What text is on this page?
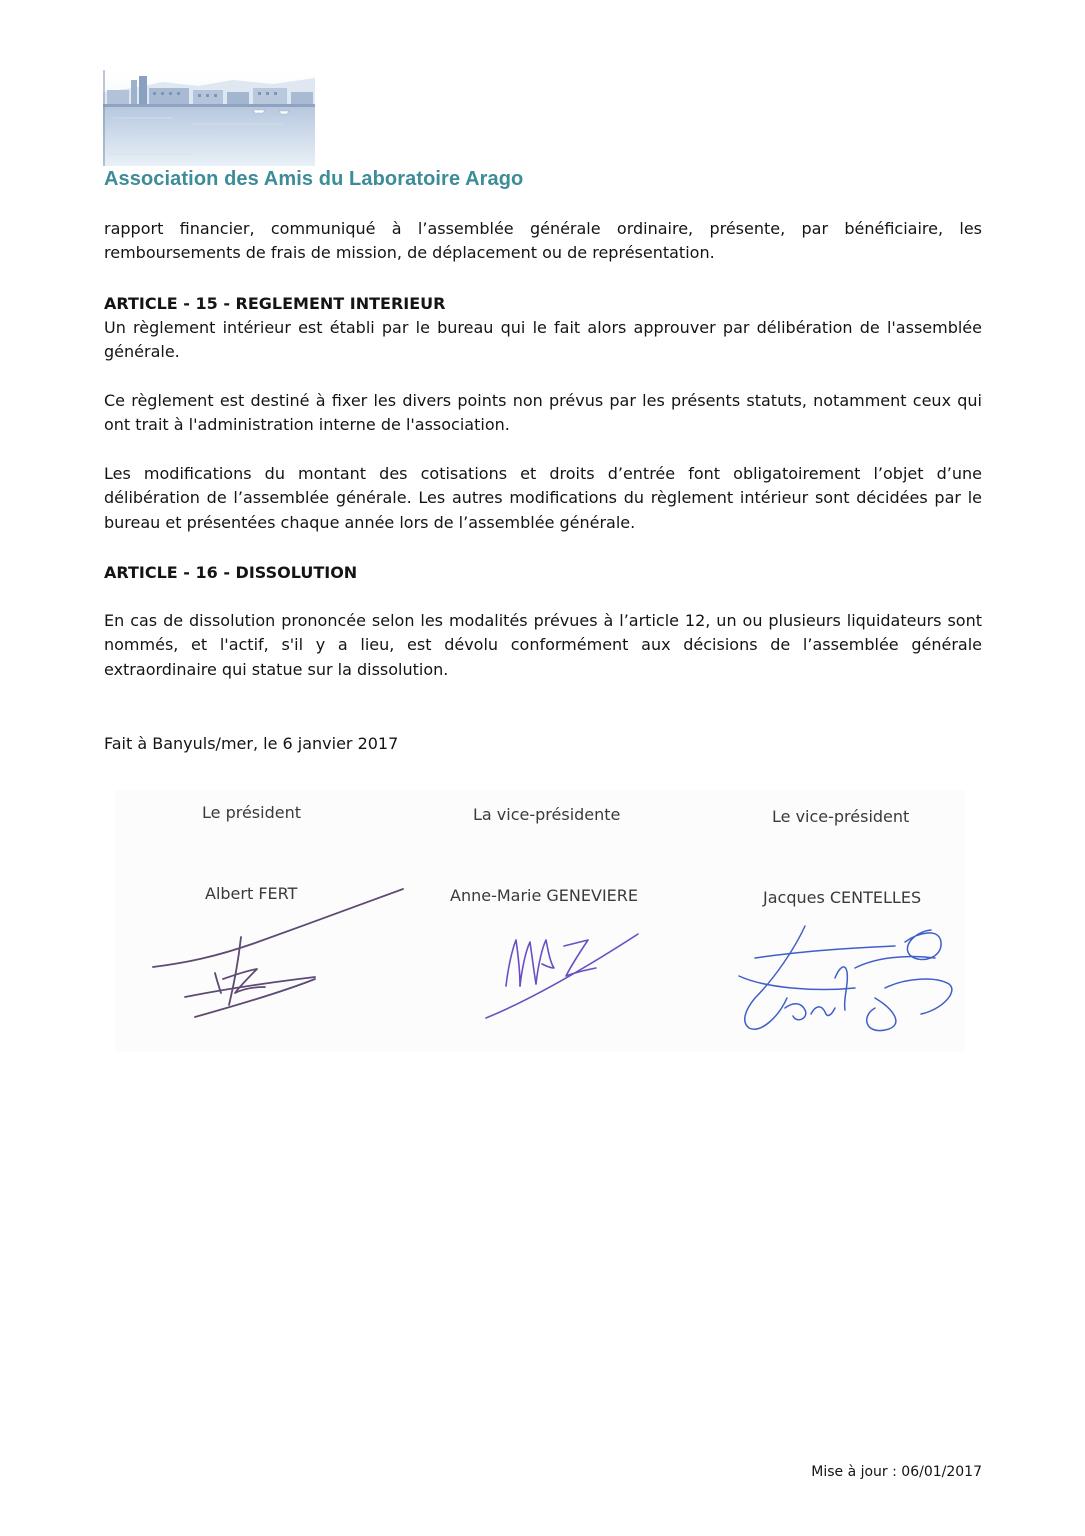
Association des Amis du Laboratoire Arago

rapport financier, communiqué à l’assemblée générale ordinaire, présente, par bénéficiaire, les remboursements de frais de mission, de déplacement ou de représentation.

ARTICLE - 15 - REGLEMENT INTERIEUR

Un règlement intérieur est établi par le bureau qui le fait alors approuver par délibération de l'assemblée générale.

Ce règlement est destiné à fixer les divers points non prévus par les présents statuts, notamment ceux qui ont trait à l'administration interne de l'association.

Les modifications du montant des cotisations et droits d’entrée font obligatoirement l’objet d’une délibération de l’assemblée générale. Les autres modifications du règlement intérieur sont décidées par le bureau et présentées chaque année lors de l’assemblée générale.

ARTICLE - 16 - DISSOLUTION

En cas de dissolution prononcée selon les modalités prévues à l’article 12, un ou plusieurs liquidateurs sont nommés, et l'actif, s'il y a lieu, est dévolu conformément aux décisions de l’assemblée générale extraordinaire qui statue sur la dissolution.

Fait à Banyuls/mer, le 6 janvier 2017
Le président
Albert FERT
La vice-présidente
Anne-Marie GENEVIERE
Le vice-président
Jacques CENTELLES
Mise à jour : 06/01/2017
